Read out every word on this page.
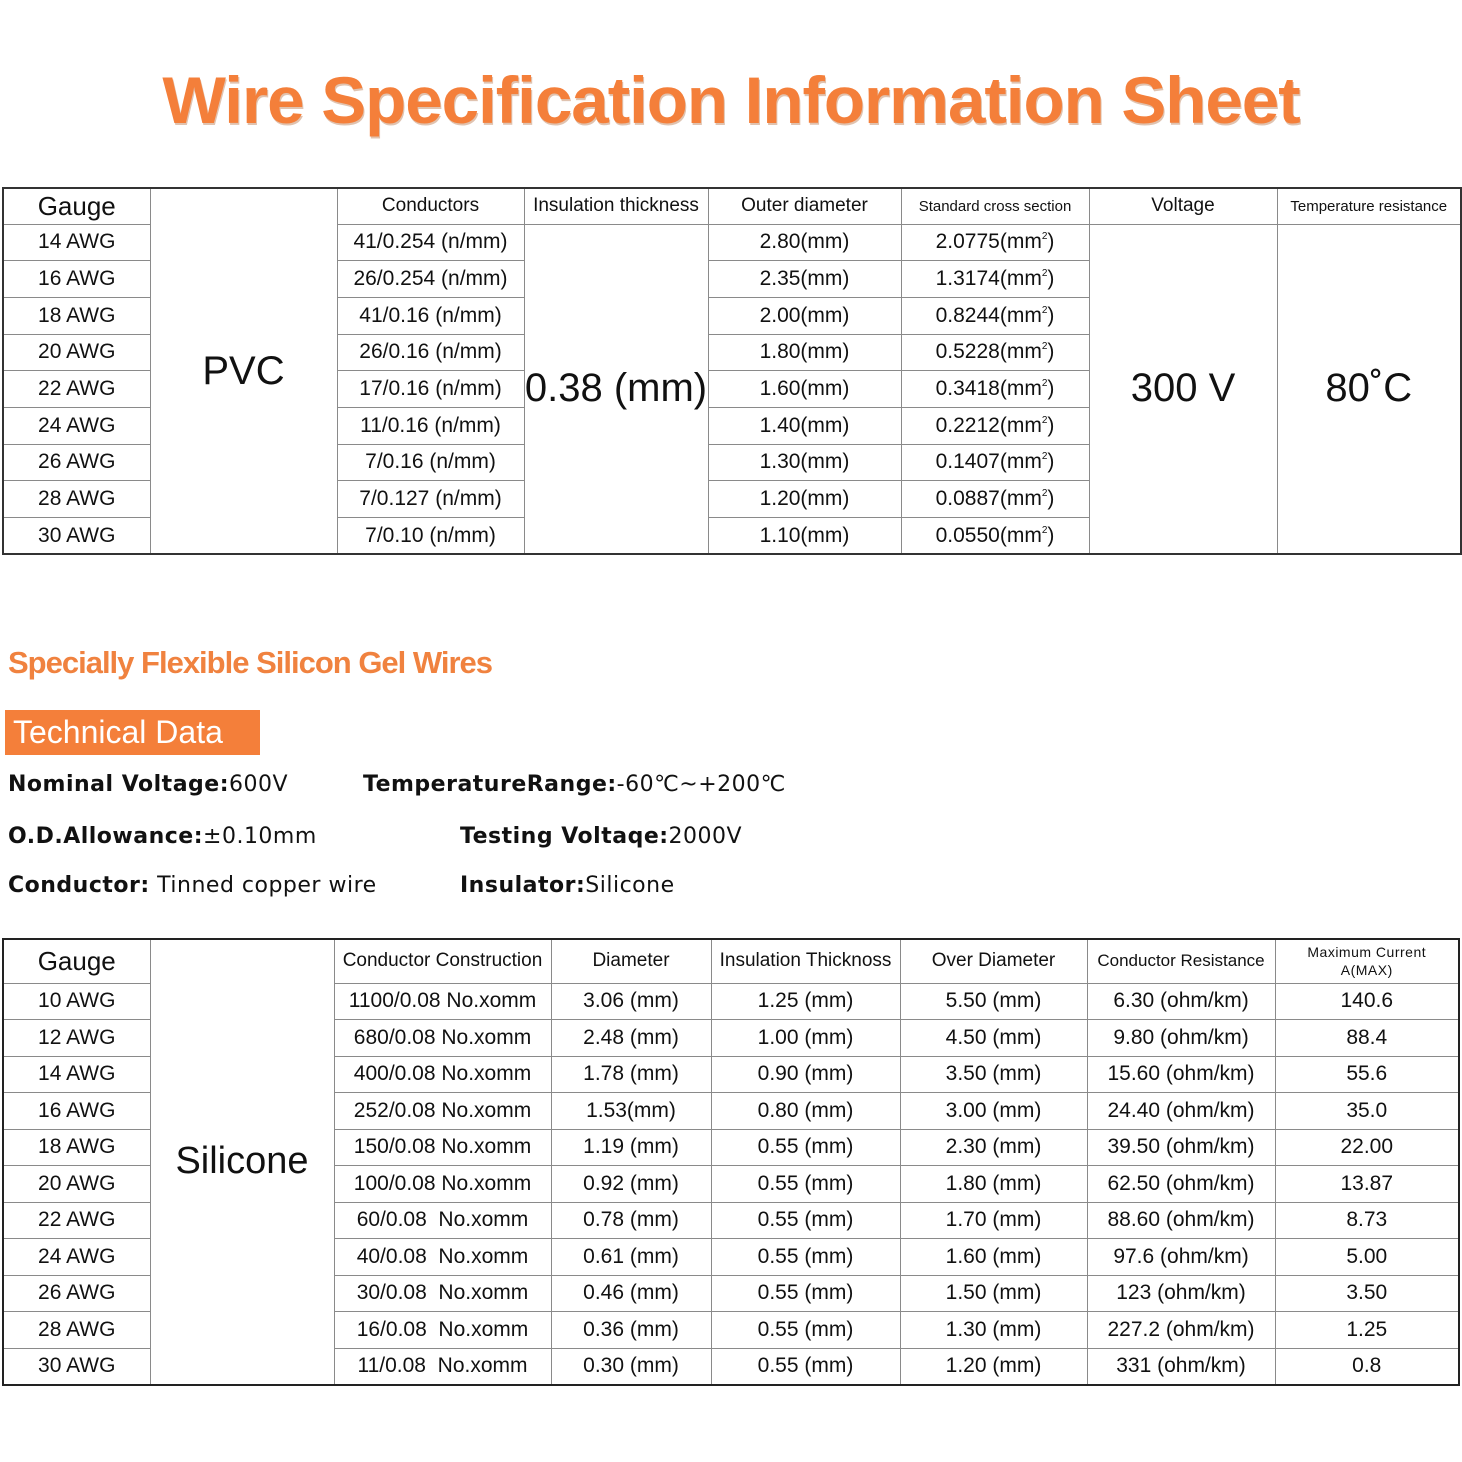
Wire Specification Information Sheet
Gauge	PVC	Conductors	Insulation thickness	Outer diameter	Standard cross section	Voltage	Temperature resistance
14 AWG		41/0.254 (n/mm)	0.38 (mm)	2.80(mm)	$2.0775(mm^2)$	300 V	80˚C
16 AWG		26/0.254 (n/mm)		2.35(mm)	$1.3174(mm^2)$		
18 AWG		41/0.16 (n/mm)		2.00(mm)	$0.8244(mm^2)$		
20 AWG		26/0.16 (n/mm)		1.80(mm)	$0.5228(mm^2)$		
22 AWG		17/0.16 (n/mm)		1.60(mm)	$0.3418(mm^2)$		
24 AWG		11/0.16 (n/mm)		1.40(mm)	$0.2212(mm^2)$		
26 AWG		7/0.16 (n/mm)		1.30(mm)	$0.1407(mm^2)$		
28 AWG		7/0.127 (n/mm)		1.20(mm)	$0.0887(mm^2)$		
30 AWG		7/0.10 (n/mm)		1.10(mm)	$0.0550(mm^2)$		
Specially Flexible Silicon Gel Wires
Technical Data
Nominal Voltage:600V	TemperatureRange:-60℃~+200℃
O.D.Allowance:±0.10mm	Testing Voltaqe:2000V
Conductor: Tinned copper wire	Insulator:Silicone
Gauge	Silicone	Conductor Construction	Diameter	Insulation Thicknoss	Over Diameter	Conductor Resistance	Maximum Current
A(MAX)

10 AWG		1100/0.08 No.xomm	3.06 (mm)	1.25 (mm)	5.50 (mm)	6.30 (ohm/km)	140.6
12 AWG		680/0.08 No.xomm	2.48 (mm)	1.00 (mm)	4.50 (mm)	9.80 (ohm/km)	88.4
14 AWG		400/0.08 No.xomm	1.78 (mm)	0.90 (mm)	3.50 (mm)	15.60 (ohm/km)	55.6
16 AWG		252/0.08 No.xomm	1.53(mm)	0.80 (mm)	3.00 (mm)	24.40 (ohm/km)	35.0
18 AWG		150/0.08 No.xomm	1.19 (mm)	0.55 (mm)	2.30 (mm)	39.50 (ohm/km)	22.00
20 AWG		100/0.08 No.xomm	0.92 (mm)	0.55 (mm)	1.80 (mm)	62.50 (ohm/km)	13.87
22 AWG		60/0.08  No.xomm	0.78 (mm)	0.55 (mm)	1.70 (mm)	88.60 (ohm/km)	8.73
24 AWG		40/0.08  No.xomm	0.61 (mm)	0.55 (mm)	1.60 (mm)	97.6 (ohm/km)	5.00
26 AWG		30/0.08  No.xomm	0.46 (mm)	0.55 (mm)	1.50 (mm)	123 (ohm/km)	3.50
28 AWG		16/0.08  No.xomm	0.36 (mm)	0.55 (mm)	1.30 (mm)	227.2 (ohm/km)	1.25
30 AWG		11/0.08  No.xomm	0.30 (mm)	0.55 (mm)	1.20 (mm)	331 (ohm/km)	0.8
